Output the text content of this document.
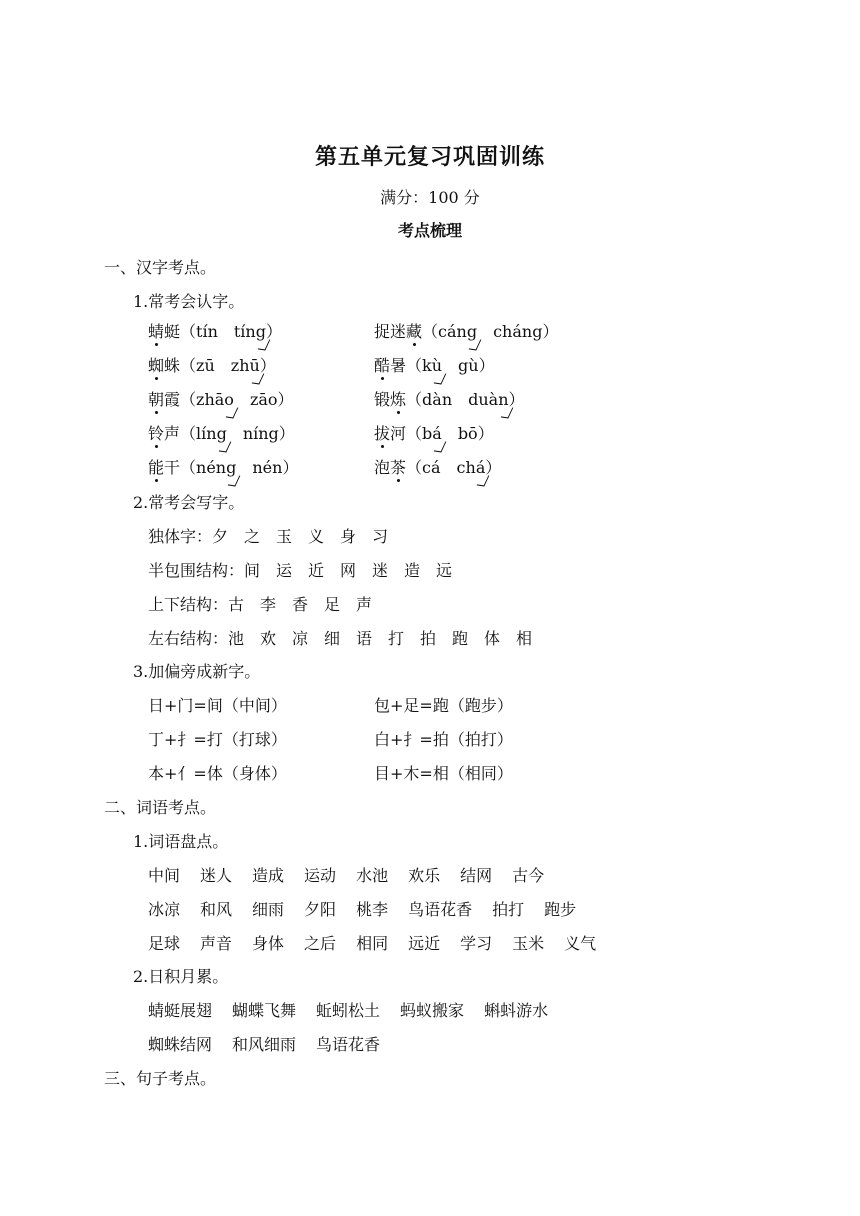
第五单元复习巩固训练
满分：100 分
考点梳理
一、汉字考点。
1.常考会认字。
蜻蜓（tín tíng）	捉迷藏（cáng cháng）
蜘蛛（zū zhū）	酷暑（kù gù）
朝霞（zhāo zāo）	锻炼（dàn duàn）
铃声（líng níng）	拔河（bá bō）
能干（néng nén）	泡茶（cá chá）
2.常考会写字。
独体字：夕　之　玉　义　身　习
半包围结构：间　运　近　网　迷　造　远
上下结构：古　李　香　足　声
左右结构：池　欢　凉　细　语　打　拍　跑　体　相
3.加偏旁成新字。
日+门=间（中间）	包+足=跑（跑步）
丁+扌=打（打球）	白+扌=拍（拍打）
本+亻=体（身体）	目+木=相（相同）
二、词语考点。
1.词语盘点。
中间 迷人 造成 运动 水池 欢乐 结网 古今
冰凉 和风 细雨 夕阳 桃李 鸟语花香 拍打 跑步
足球 声音 身体 之后 相同 远近 学习 玉米 义气
2.日积月累。
蜻蜓展翅 蝴蝶飞舞 蚯蚓松土 蚂蚁搬家 蝌蚪游水
蜘蛛结网 和风细雨 鸟语花香
三、句子考点。
